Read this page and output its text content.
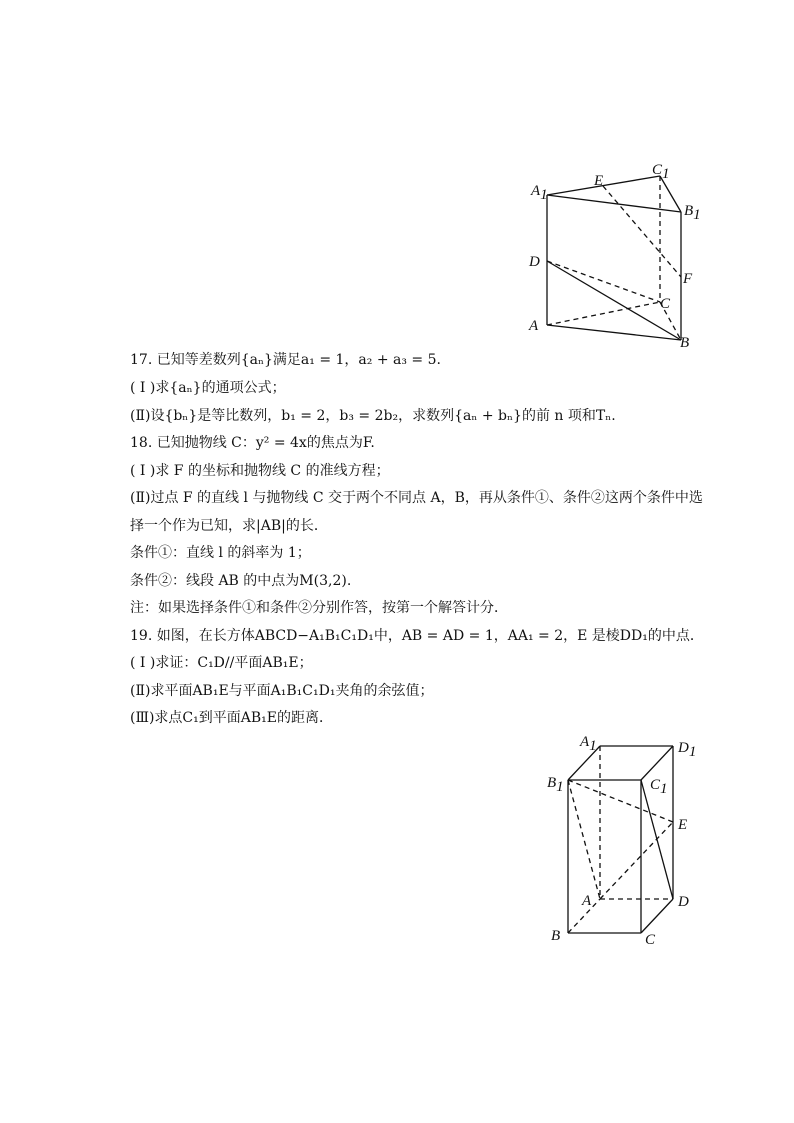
A1
E
C1
B1
D
F
C
A
B
17. 已知等差数列{aₙ}满足a₁ = 1，a₂ + a₃ = 5.
( Ⅰ )求{aₙ}的通项公式；
(Ⅱ)设{bₙ}是等比数列，b₁ = 2，b₃ = 2b₂，求数列{aₙ + bₙ}的前 n 项和Tₙ.
18. 已知抛物线 C：y² = 4x的焦点为F.
( Ⅰ )求 F 的坐标和抛物线 C 的准线方程；
(Ⅱ)过点 F 的直线 l 与抛物线 C 交于两个不同点 A，B，再从条件①、条件②这两个条件中选
择一个作为已知，求|AB|的长．
条件①：直线 l 的斜率为 1；
条件②：线段 AB 的中点为M(3,2).
注：如果选择条件①和条件②分别作答，按第一个解答计分．
19. 如图，在长方体ABCD−A₁B₁C₁D₁中，AB = AD = 1，AA₁ = 2，E 是棱DD₁的中点．
( Ⅰ )求证：C₁D//平面AB₁E；
(Ⅱ)求平面AB₁E与平面A₁B₁C₁D₁夹角的余弦值；
(Ⅲ)求点C₁到平面AB₁E的距离．
A1	D1
B1	C1
E
A	D
B	C
